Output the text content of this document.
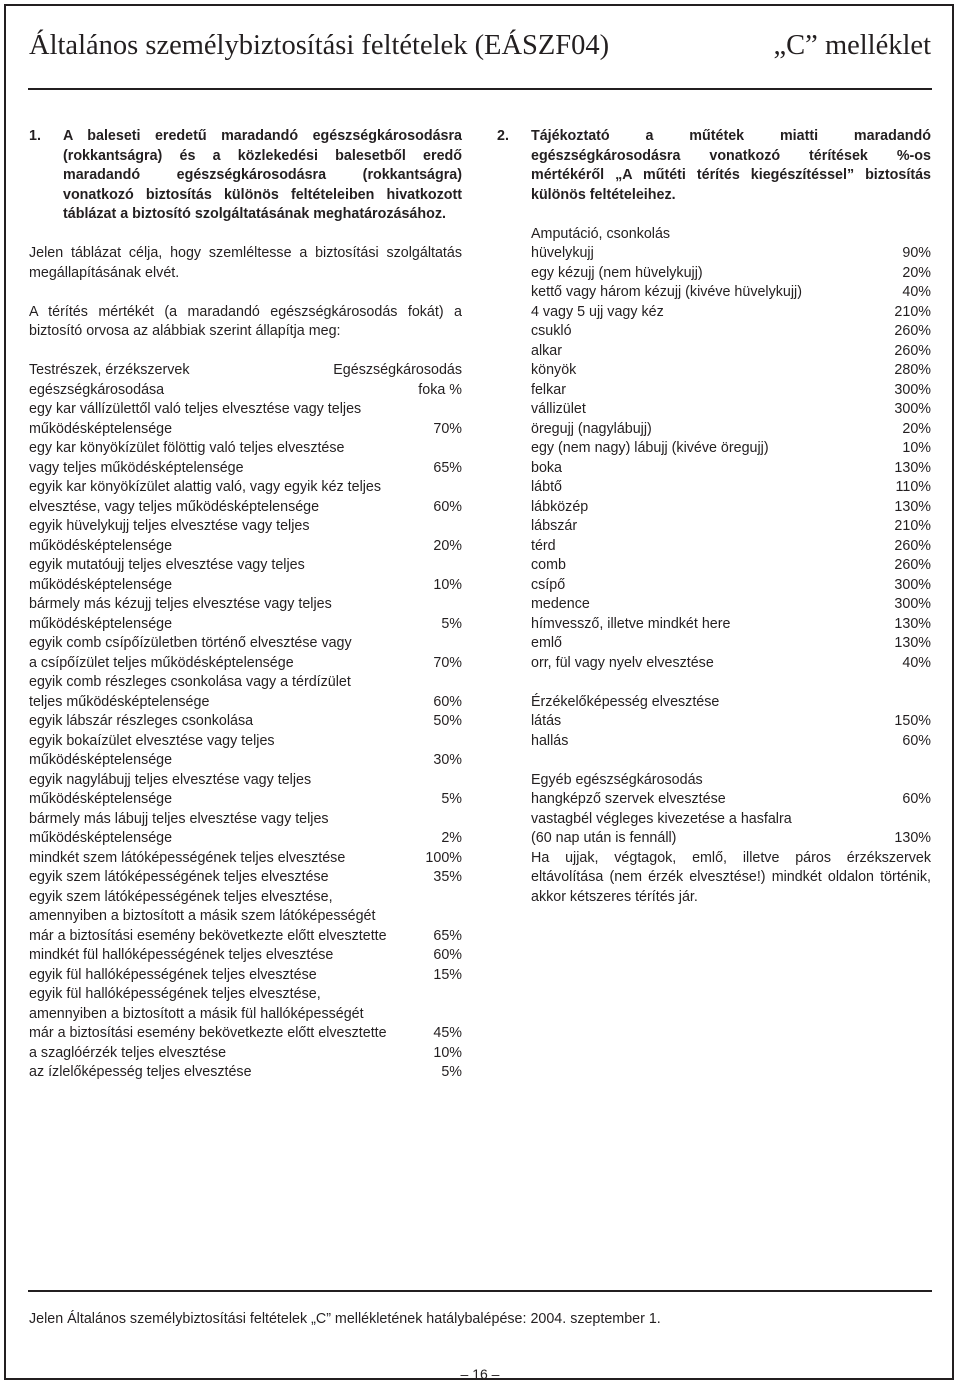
Általános személybiztosítási feltételek (EÁSZF04)	„C” melléklet
1. A baleseti eredetű maradandó egészségkárosodásra (rokkantságra) és a közlekedési balesetből eredő maradandó egészségkárosodásra (rokkantságra) vonatkozó biztosítás különös feltételeiben hivatkozott táblázat a biztosító szolgáltatásának meghatározásához.

Jelen táblázat célja, hogy szemléltesse a biztosítási szolgáltatás megállapításának elvét.

A térítés mértékét (a maradandó egészségkárosodás fokát) a biztosító orvosa az alábbiak szerint állapítja meg:

Testrészek, érzékszervek	Egészségkárosodás
egészségkárosodása	foka %
egy kar vállízülettől való teljes elvesztése vagy teljes
működésképtelensége	70%
egy kar könyökízület fölöttig való teljes elvesztése
vagy teljes működésképtelensége	65%
egyik kar könyökízület alattig való, vagy egyik kéz teljes
elvesztése, vagy teljes működésképtelensége	60%
egyik hüvelykujj teljes elvesztése vagy teljes
működésképtelensége	20%
egyik mutatóujj teljes elvesztése vagy teljes
működésképtelensége	10%
bármely más kézujj teljes elvesztése vagy teljes
működésképtelensége	5%
egyik comb csípőízületben történő elvesztése vagy
a csípőízület teljes működésképtelensége	70%
egyik comb részleges csonkolása vagy a térdízület
teljes működésképtelensége	60%
egyik lábszár részleges csonkolása	50%
egyik bokaízület elvesztése vagy teljes
működésképtelensége	30%
egyik nagylábujj teljes elvesztése vagy teljes
működésképtelensége	5%
bármely más lábujj teljes elvesztése vagy teljes
működésképtelensége	2%
mindkét szem látóképességének teljes elvesztése	100%
egyik szem látóképességének teljes elvesztése	35%
egyik szem látóképességének teljes elvesztése,
amennyiben a biztosított a másik szem látóképességét
már a biztosítási esemény bekövetkezte előtt elvesztette	65%
mindkét fül hallóképességének teljes elvesztése	60%
egyik fül hallóképességének teljes elvesztése	15%
egyik fül hallóképességének teljes elvesztése,
amennyiben a biztosított a másik fül hallóképességét
már a biztosítási esemény bekövetkezte előtt elvesztette	45%
a szaglóérzék teljes elvesztése	10%
az ízlelőképesség teljes elvesztése	5%
2. Tájékoztató a műtétek miatti maradandó egészségkárosodásra vonatkozó térítések %-os mértékéről „A műtéti térítés kiegészítéssel” biztosítás különös feltételeihez.

Amputáció, csonkolás

hüvelykujj	90%
egy kézujj (nem hüvelykujj)	20%
kettő vagy három kézujj (kivéve hüvelykujj)	40%
4 vagy 5 ujj vagy kéz	210%
csukló	260%
alkar	260%
könyök	280%
felkar	300%
vállizület	300%
öregujj (nagylábujj)	20%
egy (nem nagy) lábujj (kivéve öregujj)	10%
boka	130%
lábtő	110%
lábközép	130%
lábszár	210%
térd	260%
comb	260%
csípő	300%
medence	300%
hímvessző, illetve mindkét here	130%
emlő	130%
orr, fül vagy nyelv elvesztése	40%

Érzékelőképesség elvesztése

látás	150%
hallás	60%

Egyéb egészségkárosodás

hangképző szervek elvesztése	60%

vastagbél végleges kivezetése a hasfalra

(60 nap után is fennáll)	130%

Ha ujjak, végtagok, emlő, illetve páros érzékszervek eltávolítása (nem érzék elvesztése!) mindkét oldalon történik, akkor kétszeres térítés jár.

Jelen Általános személybiztosítási feltételek „C” mellékletének hatálybalépése: 2004. szeptember 1.
– 16 –
